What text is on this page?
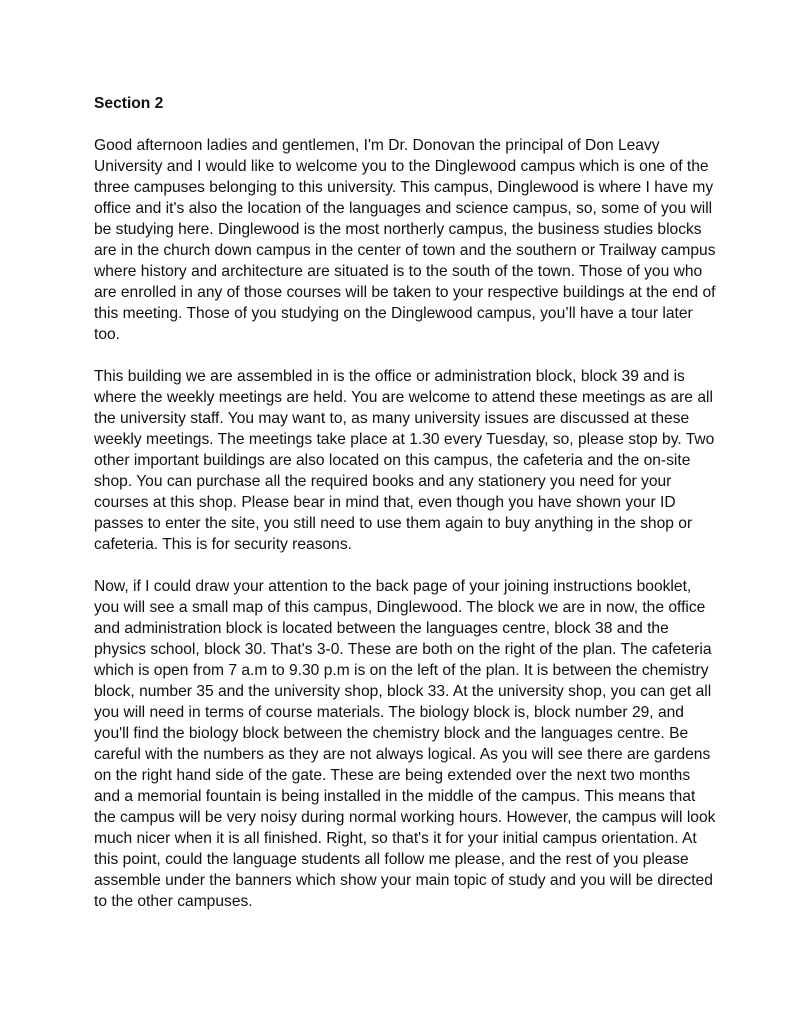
Section 2

Good afternoon ladies and gentlemen, I'm Dr. Donovan the principal of Don Leavy University and I would like to welcome you to the Dinglewood campus which is one of the three campuses belonging to this university. This campus, Dinglewood is where I have my office and it's also the location of the languages and science campus, so, some of you will be studying here. Dinglewood is the most northerly campus, the business studies blocks are in the church down campus in the center of town and the southern or Trailway campus where history and architecture are situated is to the south of the town. Those of you who are enrolled in any of those courses will be taken to your respective buildings at the end of this meeting. Those of you studying on the Dinglewood campus, you’ll have a tour later too.

This building we are assembled in is the office or administration block, block 39 and is where the weekly meetings are held. You are welcome to attend these meetings as are all the university staff. You may want to, as many university issues are discussed at these weekly meetings. The meetings take place at 1.30 every Tuesday, so, please stop by. Two other important buildings are also located on this campus, the cafeteria and the on-site shop. You can purchase all the required books and any stationery you need for your courses at this shop. Please bear in mind that, even though you have shown your ID passes to enter the site, you still need to use them again to buy anything in the shop or cafeteria. This is for security reasons.

Now, if I could draw your attention to the back page of your joining instructions booklet, you will see a small map of this campus, Dinglewood. The block we are in now, the office and administration block is located between the languages centre, block 38 and the physics school, block 30. That's 3-0. These are both on the right of the plan. The cafeteria which is open from 7 a.m to 9.30 p.m is on the left of the plan. It is between the chemistry block, number 35 and the university shop, block 33. At the university shop, you can get all you will need in terms of course materials. The biology block is, block number 29, and you'll find the biology block between the chemistry block and the languages centre. Be careful with the numbers as they are not always logical. As you will see there are gardens on the right hand side of the gate. These are being extended over the next two months and a memorial fountain is being installed in the middle of the campus. This means that the campus will be very noisy during normal working hours. However, the campus will look much nicer when it is all finished. Right, so that's it for your initial campus orientation. At this point, could the language students all follow me please, and the rest of you please assemble under the banners which show your main topic of study and you will be directed to the other campuses.
